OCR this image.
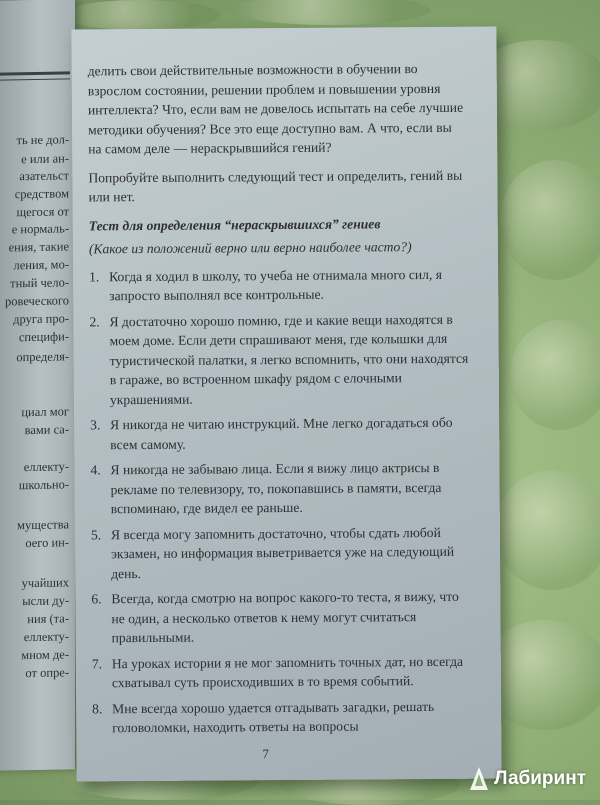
ть не дол-
е или ан-
азательст
средством
щегося от
е нормаль-
ения, такие
ления, мо-
тный чело-
ровеческого
друга про-
специфи-
определя-
циал мог
вами са-
еллекту-
школьно-
мущества
оего ин-
учайших
ысли ду-
ния (та-
еллекту-
мном де-
от опре-

делить свои действительные возможности в обучении во взрослом состоянии, решении проблем и повышении уровня интеллекта? Что, если вам не довелось испытать на себе лучшие методики обучения? Все это еще доступно вам. А что, если вы на самом деле — нераскрывшийся гений?

Попробуйте выполнить следующий тест и определить, гений вы или нет.

Тест для определения “нераскрывшихся” гениев

(Какое из положений верно или верно наиболее часто?)

1. Когда я ходил в школу, то учеба не отнимала много сил, я запросто выполнял все контрольные.
2. Я достаточно хорошо помню, где и какие вещи находятся в моем доме. Если дети спрашивают меня, где колышки для туристической палатки, я легко вспомнить, что они находятся в гараже, во встроенном шкафу рядом с елочными украшениями.
3. Я никогда не читаю инструкций. Мне легко догадаться обо всем самому.
4. Я никогда не забываю лица. Если я вижу лицо актрисы в рекламе по телевизору, то, покопавшись в памяти, всегда вспоминаю, где видел ее раньше.
5. Я всегда могу запомнить достаточно, чтобы сдать любой экзамен, но информация выветривается уже на следующий день.
6. Всегда, когда смотрю на вопрос какого-то теста, я вижу, что не один, а несколько ответов к нему могут считаться правильными.
7. На уроках истории я не мог запомнить точных дат, но всегда схватывал суть происходивших в то время событий.
8. Мне всегда хорошо удается отгадывать загадки, решать головоломки, находить ответы на вопросы
7
Лабиринт
